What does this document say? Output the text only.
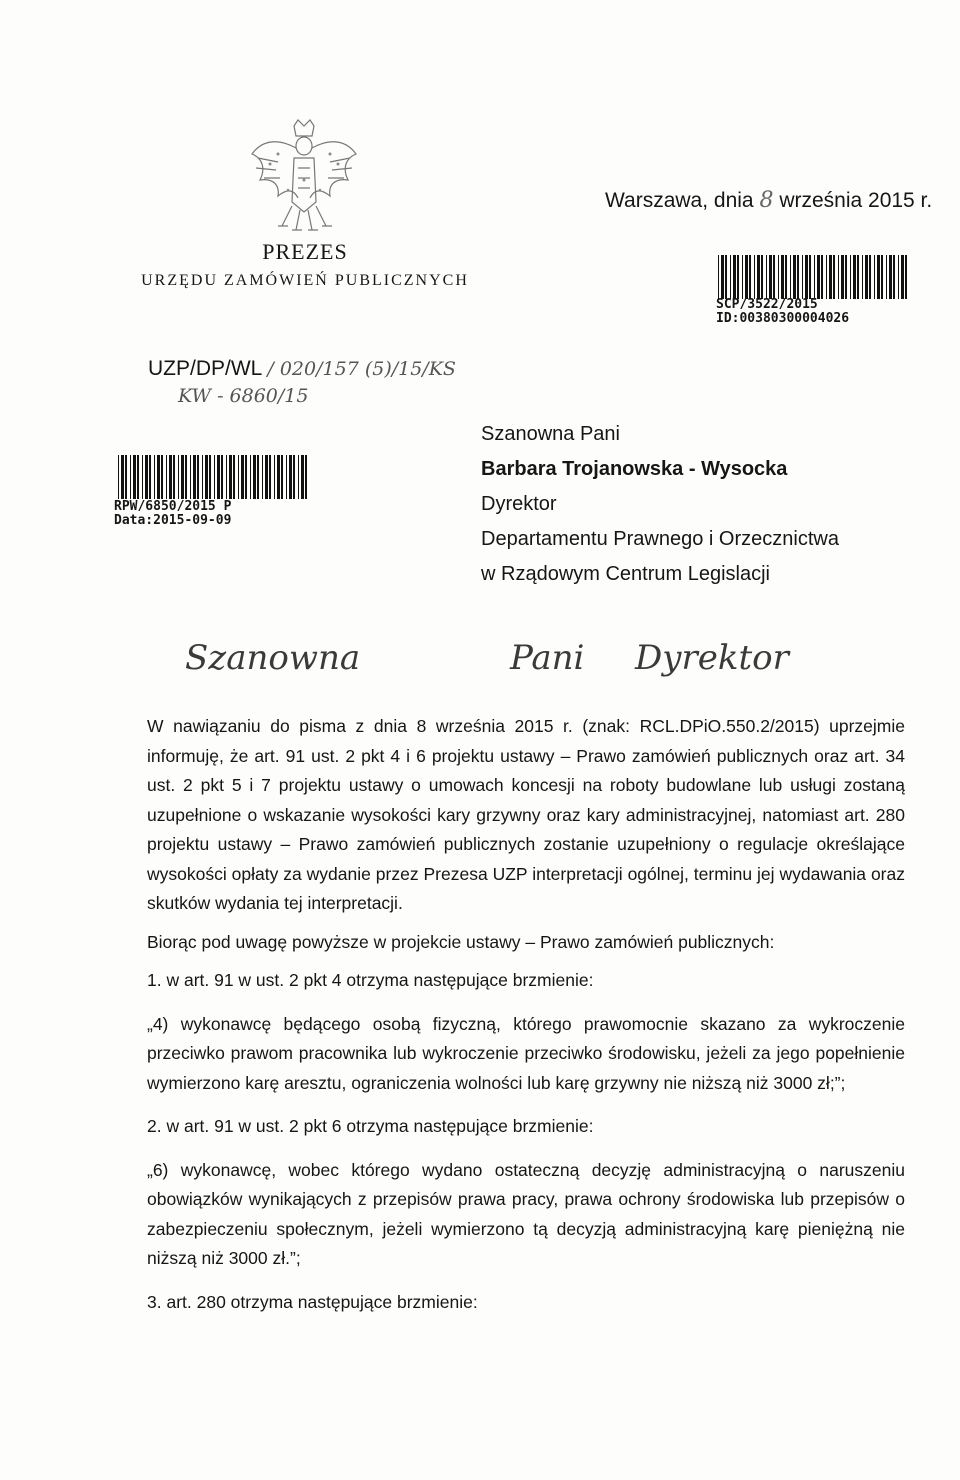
Warszawa, dnia 8 września 2015 r.
PREZES
URZĘDU ZAMÓWIEŃ PUBLICZNYCH
SCP/3522/2015
ID:00380300004026
UZP/DP/WL / 020/157 (5)/15/KS
KW - 6860/15
RPW/6850/2015 P
Data:2015-09-09
Szanowna Pani
Barbara Trojanowska - Wysocka
Dyrektor
Departamentu Prawnego i Orzecznictwa
w Rządowym Centrum Legislacji
Szanowna	Pani Dyrektor

W nawiązaniu do pisma z dnia 8 września 2015 r. (znak: RCL.DPiO.550.2/2015) uprzejmie informuję, że art. 91 ust. 2 pkt 4 i 6 projektu ustawy – Prawo zamówień publicznych oraz art. 34 ust. 2 pkt 5 i 7 projektu ustawy o umowach koncesji na roboty budowlane lub usługi zostaną uzupełnione o wskazanie wysokości kary grzywny oraz kary administracyjnej, natomiast art. 280 projektu ustawy – Prawo zamówień publicznych zostanie uzupełniony o regulacje określające wysokości opłaty za wydanie przez Prezesa UZP interpretacji ogólnej, terminu jej wydawania oraz skutków wydania tej interpretacji.

Biorąc pod uwagę powyższe w projekcie ustawy – Prawo zamówień publicznych:

1. w art. 91 w ust. 2 pkt 4 otrzyma następujące brzmienie:

„4) wykonawcę będącego osobą fizyczną, którego prawomocnie skazano za wykroczenie przeciwko prawom pracownika lub wykroczenie przeciwko środowisku, jeżeli za jego popełnienie wymierzono karę aresztu, ograniczenia wolności lub karę grzywny nie niższą niż 3000 zł;”;

2. w art. 91 w ust. 2 pkt 6 otrzyma następujące brzmienie:

„6) wykonawcę, wobec którego wydano ostateczną decyzję administracyjną o naruszeniu obowiązków wynikających z przepisów prawa pracy, prawa ochrony środowiska lub przepisów o zabezpieczeniu społecznym, jeżeli wymierzono tą decyzją administracyjną karę pieniężną nie niższą niż 3000 zł.”;

3. art. 280 otrzyma następujące brzmienie:
